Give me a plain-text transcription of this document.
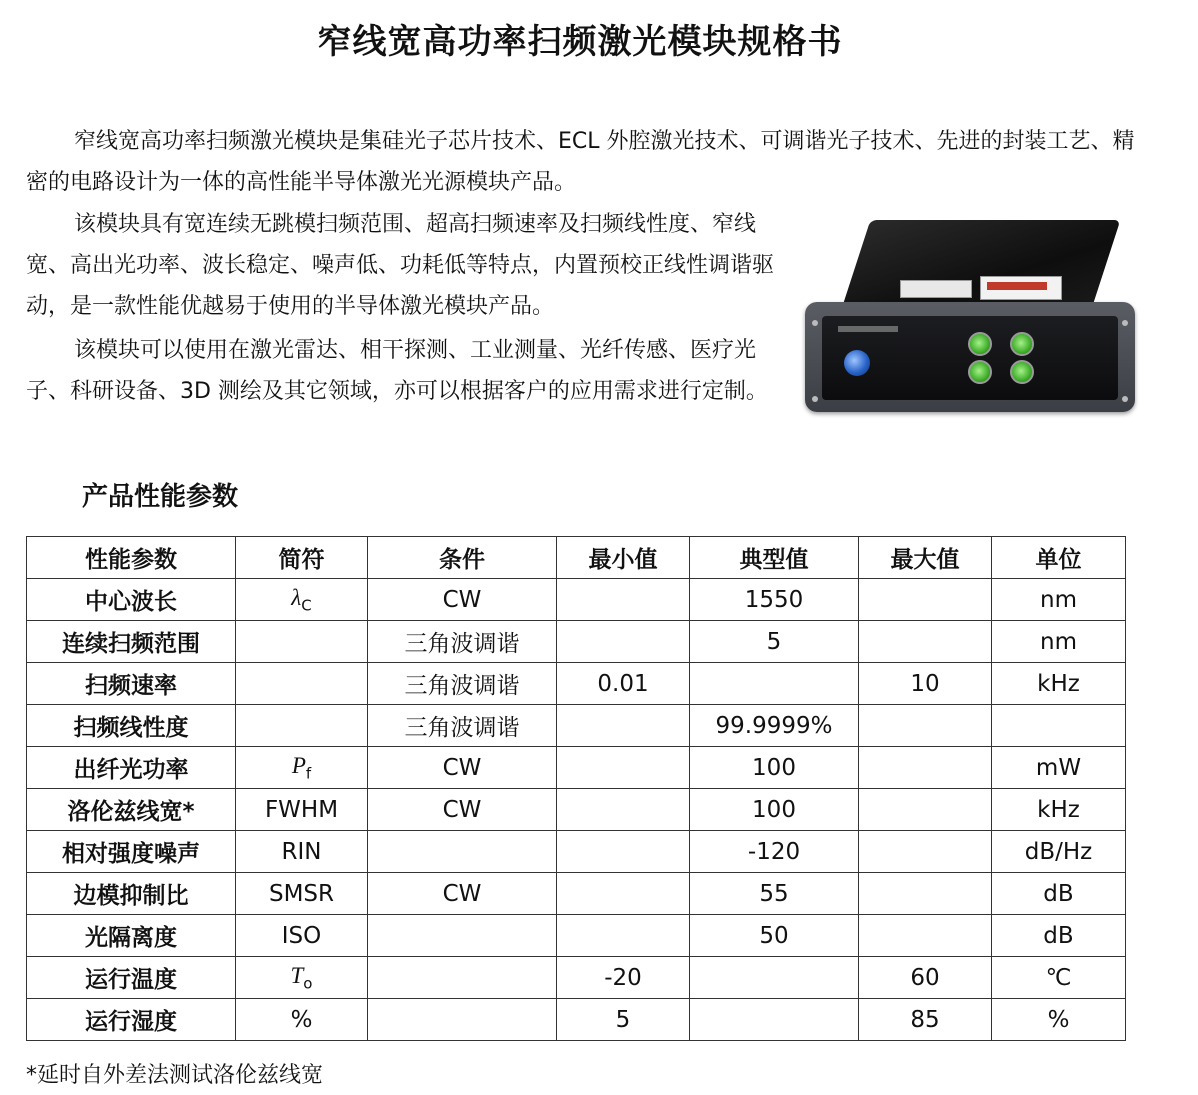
窄线宽高功率扫频激光模块规格书

窄线宽高功率扫频激光模块是集硅光子芯片技术、ECL 外腔激光技术、可调谐光子技术、先进的封装工艺、精密的电路设计为一体的高性能半导体激光光源模块产品。

该模块具有宽连续无跳模扫频范围、超高扫频速率及扫频线性度、窄线宽、高出光功率、波长稳定、噪声低、功耗低等特点，内置预校正线性调谐驱动，是一款性能优越易于使用的半导体激光模块产品。

该模块可以使用在激光雷达、相干探测、工业测量、光纤传感、医疗光子、科研设备、3D 测绘及其它领域，亦可以根据客户的应用需求进行定制。

产品性能参数
性能参数	简符	条件	最小值	典型值	最大值	单位
中心波长	$\lambda_C$	CW		1550		nm
连续扫频范围		三角波调谐		5		nm
扫频速率		三角波调谐	0.01		10	kHz
扫频线性度		三角波调谐		99.9999%		
出纤光功率	$P_f$	CW		100		mW
洛伦兹线宽*	FWHM	CW		100		kHz
相对强度噪声	RIN			-120		dB/Hz
边模抑制比	SMSR	CW		55		dB
光隔离度	ISO			50		dB
运行温度	$T_o$		-20		60	℃
运行湿度	%		5		85	%
*延时自外差法测试洛伦兹线宽
